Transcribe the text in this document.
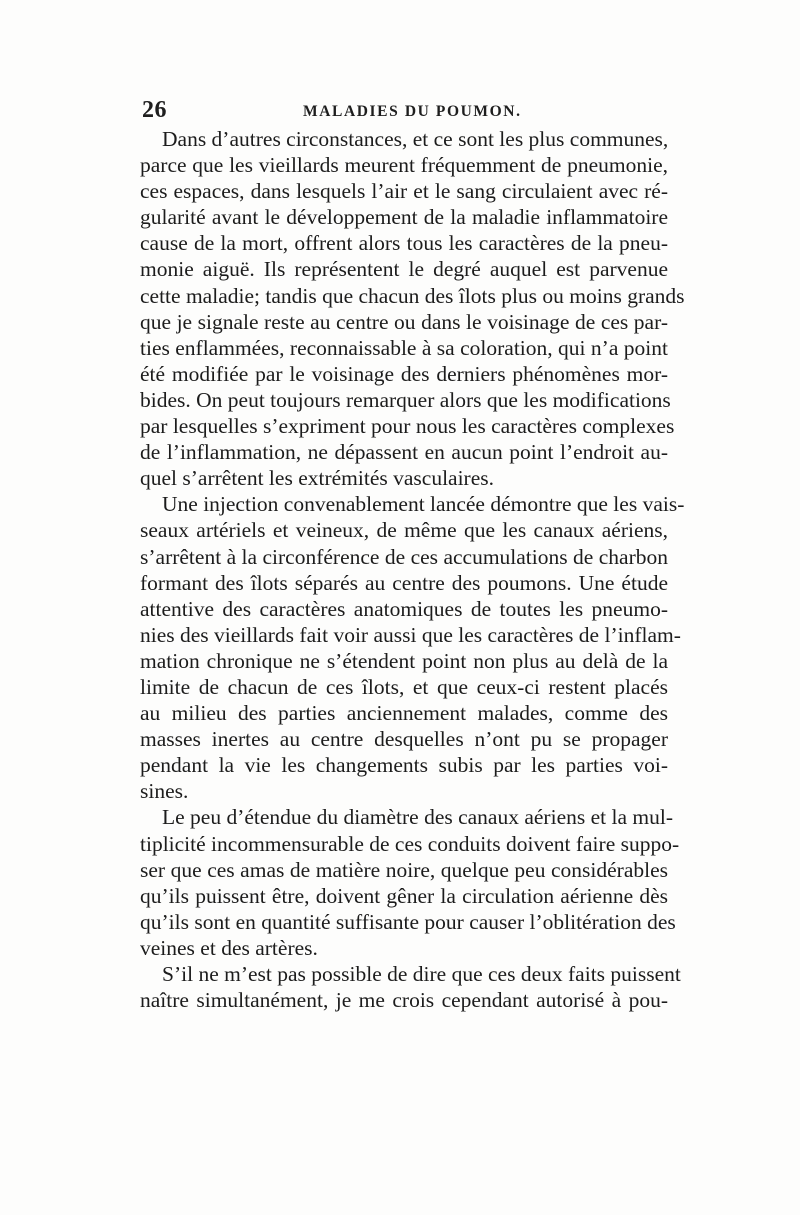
26	MALADIES DU POUMON.
Dans d’autres circonstances, et ce sont les plus communes,
parce que les vieillards meurent fréquemment de pneumonie,
ces espaces, dans lesquels l’air et le sang circulaient avec ré-
gularité avant le développement de la maladie inflammatoire
cause de la mort, offrent alors tous les caractères de la pneu-
monie aiguë. Ils représentent le degré auquel est parvenue
cette maladie; tandis que chacun des îlots plus ou moins grands
que je signale reste au centre ou dans le voisinage de ces par-
ties enflammées, reconnaissable à sa coloration, qui n’a point
été modifiée par le voisinage des derniers phénomènes mor-
bides. On peut toujours remarquer alors que les modifications
par lesquelles s’expriment pour nous les caractères complexes
de l’inflammation, ne dépassent en aucun point l’endroit au-
quel s’arrêtent les extrémités vasculaires.
Une injection convenablement lancée démontre que les vais-
seaux artériels et veineux, de même que les canaux aériens,
s’arrêtent à la circonférence de ces accumulations de charbon
formant des îlots séparés au centre des poumons. Une étude
attentive des caractères anatomiques de toutes les pneumo-
nies des vieillards fait voir aussi que les caractères de l’inflam-
mation chronique ne s’étendent point non plus au delà de la
limite de chacun de ces îlots, et que ceux-ci restent placés
au milieu des parties anciennement malades, comme des
masses inertes au centre desquelles n’ont pu se propager
pendant la vie les changements subis par les parties voi-
sines.
Le peu d’étendue du diamètre des canaux aériens et la mul-
tiplicité incommensurable de ces conduits doivent faire suppo-
ser que ces amas de matière noire, quelque peu considérables
qu’ils puissent être, doivent gêner la circulation aérienne dès
qu’ils sont en quantité suffisante pour causer l’oblitération des
veines et des artères.
S’il ne m’est pas possible de dire que ces deux faits puissent
naître simultanément, je me crois cependant autorisé à pou-
